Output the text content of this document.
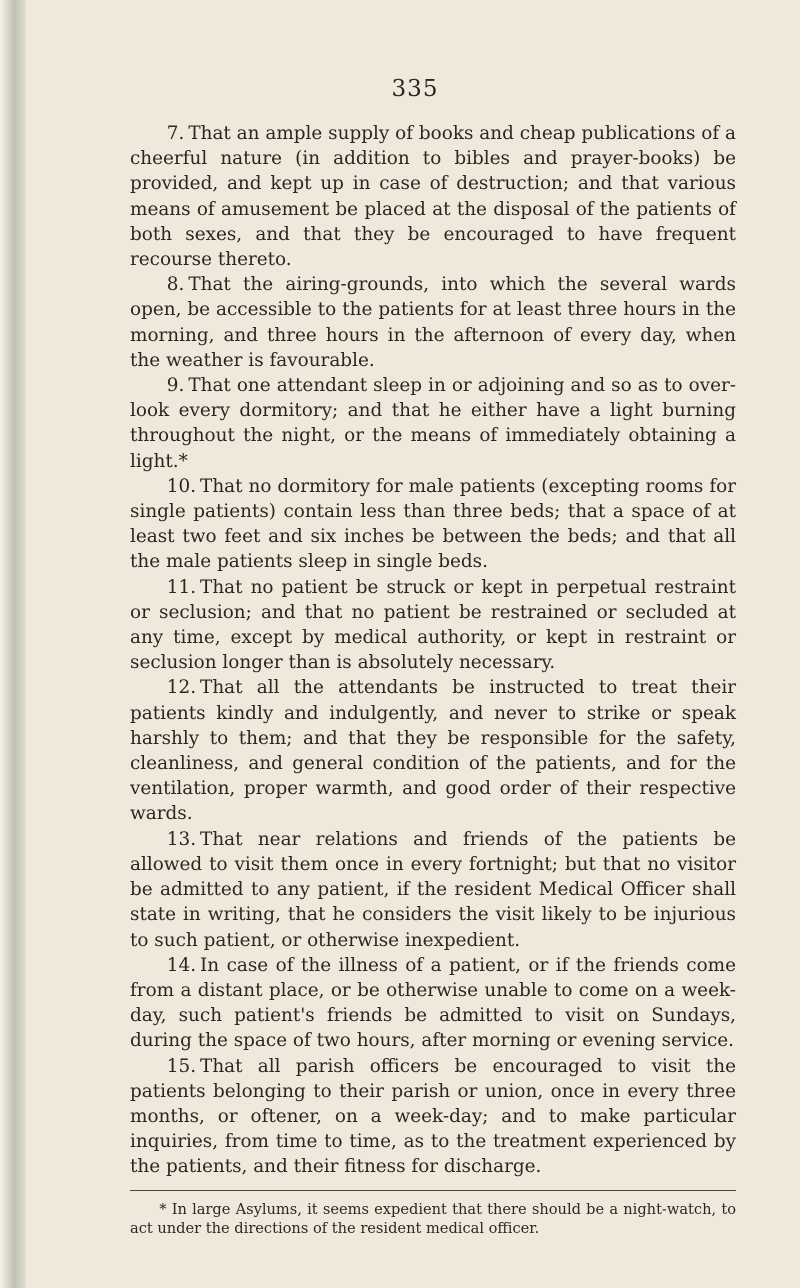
335

7. That an ample supply of books and cheap publications of a cheerful nature (in addition to bibles and prayer-books) be provided, and kept up in case of destruction; and that various means of amusement be placed at the disposal of the patients of both sexes, and that they be encouraged to have frequent recourse thereto.

8. That the airing-grounds, into which the several wards open, be accessible to the patients for at least three hours in the morning, and three hours in the afternoon of every day, when the weather is favourable.

9. That one attendant sleep in or adjoining and so as to over-look every dormitory; and that he either have a light burning throughout the night, or the means of immediately obtaining a light.*

10. That no dormitory for male patients (excepting rooms for single patients) contain less than three beds; that a space of at least two feet and six inches be between the beds; and that all the male patients sleep in single beds.

11. That no patient be struck or kept in perpetual restraint or seclusion; and that no patient be restrained or secluded at any time, except by medical authority, or kept in restraint or seclusion longer than is absolutely necessary.

12. That all the attendants be instructed to treat their patients kindly and indulgently, and never to strike or speak harshly to them; and that they be responsible for the safety, cleanliness, and general condition of the patients, and for the ventilation, proper warmth, and good order of their respective wards.

13. That near relations and friends of the patients be allowed to visit them once in every fortnight; but that no visitor be admitted to any patient, if the resident Medical Officer shall state in writing, that he considers the visit likely to be injurious to such patient, or otherwise inexpedient.

14. In case of the illness of a patient, or if the friends come from a distant place, or be otherwise unable to come on a week-day, such patient's friends be admitted to visit on Sundays, during the space of two hours, after morning or evening service.

15. That all parish officers be encouraged to visit the patients belonging to their parish or union, once in every three months, or oftener, on a week-day; and to make particular inquiries, from time to time, as to the treatment experienced by the patients, and their fitness for discharge.

* In large Asylums, it seems expedient that there should be a night-watch, to act under the directions of the resident medical officer.
